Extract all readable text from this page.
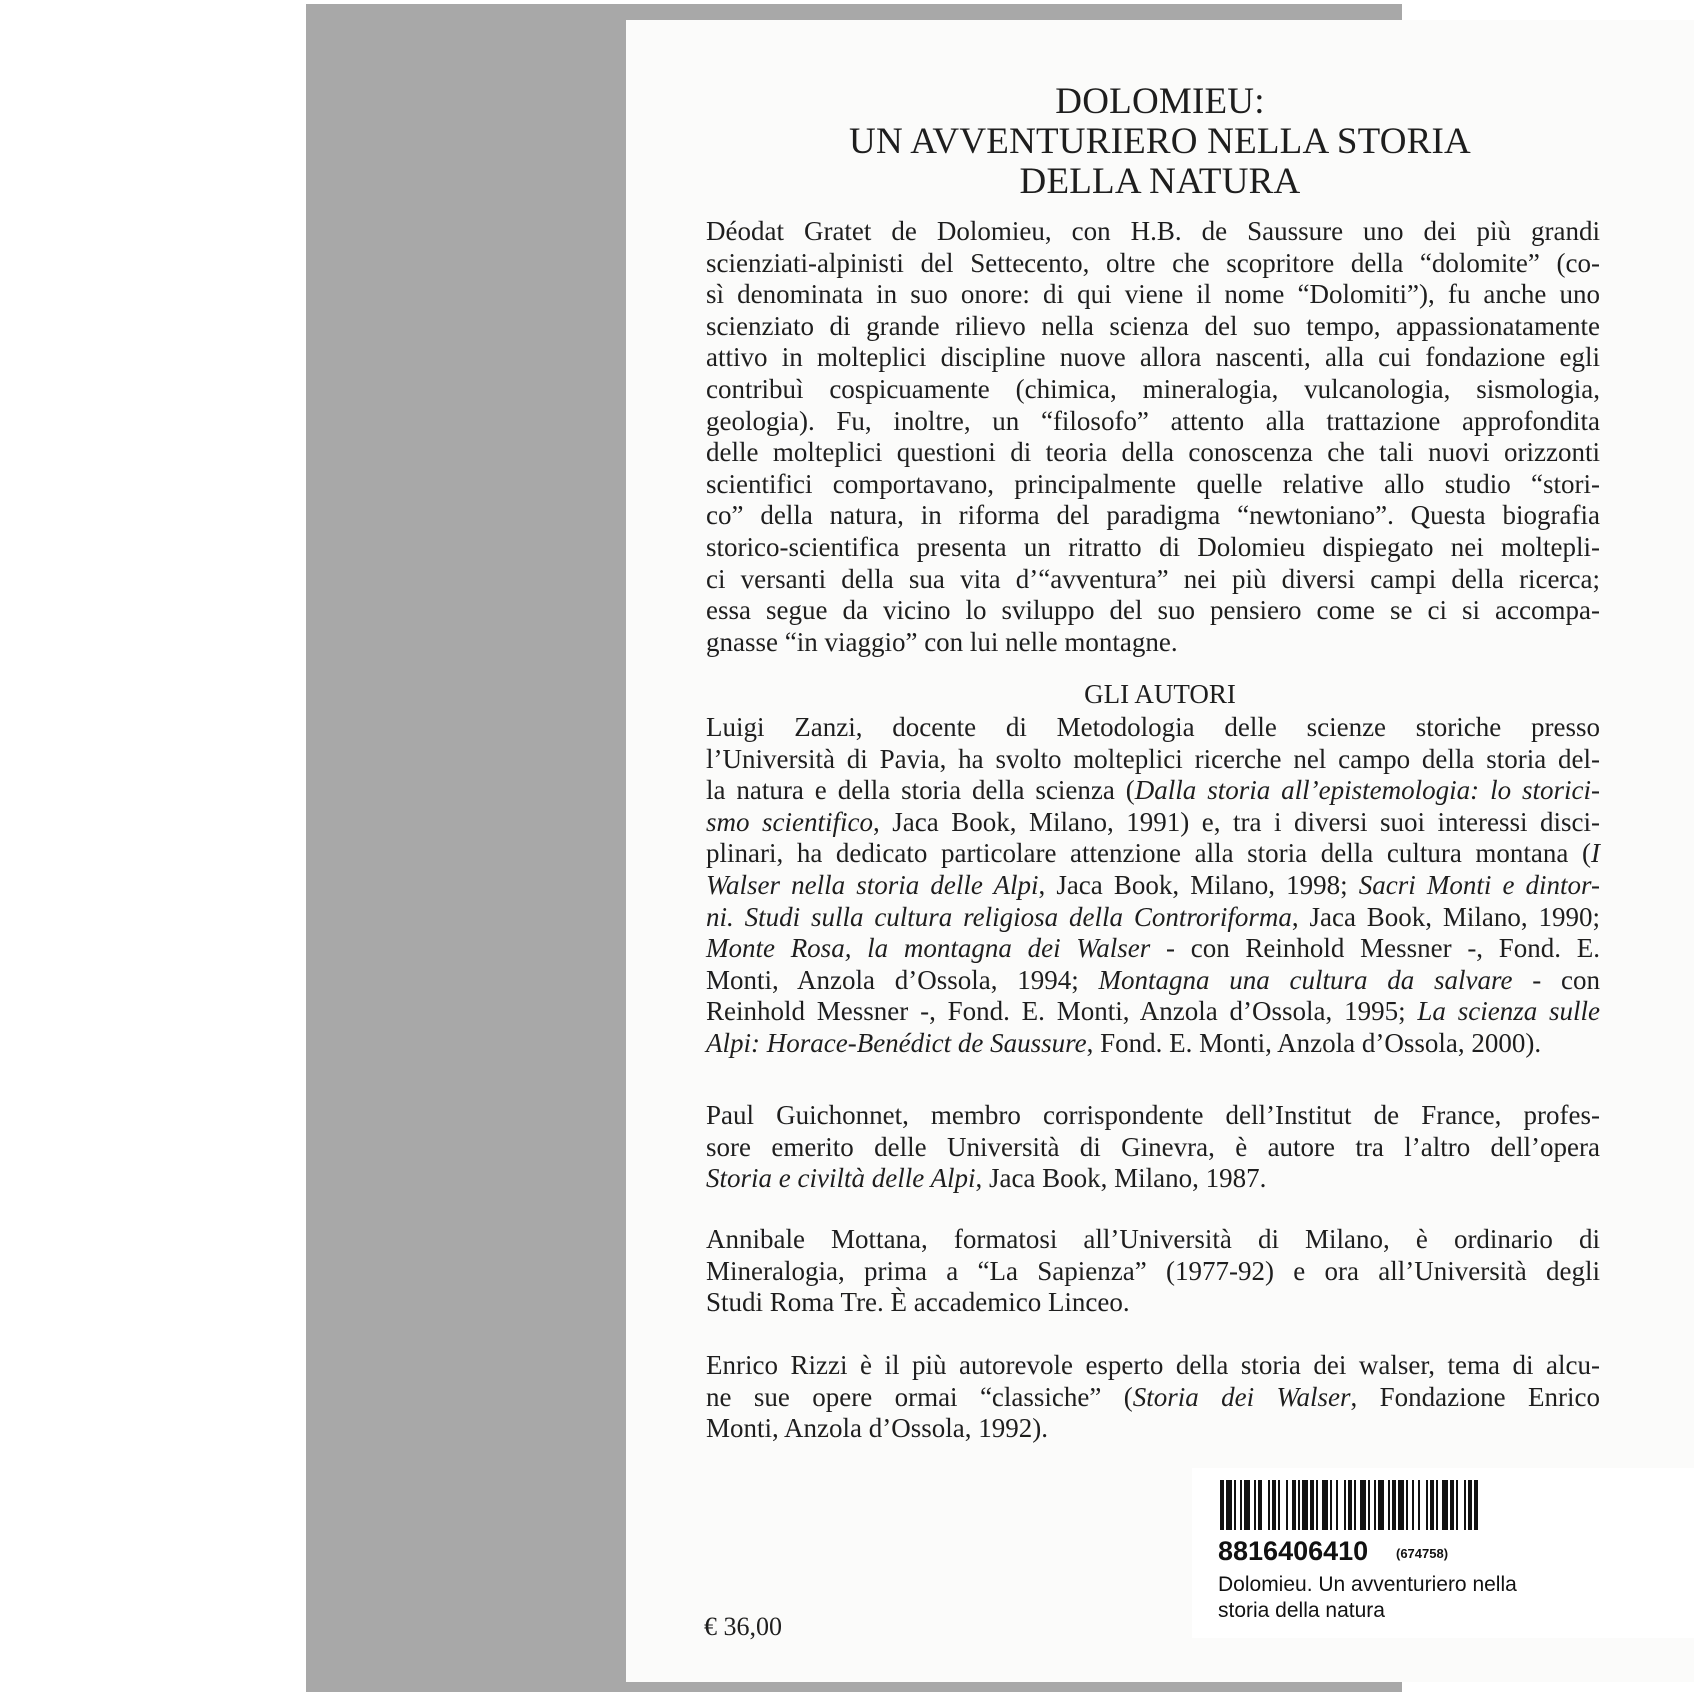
DOLOMIEU:
UN AVVENTURIERO NELLA STORIA
DELLA NATURA
Déodat Gratet de Dolomieu, con H.B. de Saussure uno dei più grandi
scienziati-alpinisti del Settecento, oltre che scopritore della “dolomite” (co-
sì denominata in suo onore: di qui viene il nome “Dolomiti”), fu anche uno
scienziato di grande rilievo nella scienza del suo tempo, appassionatamente
attivo in molteplici discipline nuove allora nascenti, alla cui fondazione egli
contribuì cospicuamente (chimica, mineralogia, vulcanologia, sismologia,
geologia). Fu, inoltre, un “filosofo” attento alla trattazione approfondita
delle molteplici questioni di teoria della conoscenza che tali nuovi orizzonti
scientifici comportavano, principalmente quelle relative allo studio “stori-
co” della natura, in riforma del paradigma “newtoniano”. Questa biografia
storico-scientifica presenta un ritratto di Dolomieu dispiegato nei moltepli-
ci versanti della sua vita d’“avventura” nei più diversi campi della ricerca;
essa segue da vicino lo sviluppo del suo pensiero come se ci si accompa-
gnasse “in viaggio” con lui nelle montagne.
GLI AUTORI
Luigi Zanzi, docente di Metodologia delle scienze storiche presso
l’Università di Pavia, ha svolto molteplici ricerche nel campo della storia del-
la natura e della storia della scienza (Dalla storia all’epistemologia: lo storici-
smo scientifico, Jaca Book, Milano, 1991) e, tra i diversi suoi interessi disci-
plinari, ha dedicato particolare attenzione alla storia della cultura montana (I
Walser nella storia delle Alpi, Jaca Book, Milano, 1998; Sacri Monti e dintor-
ni. Studi sulla cultura religiosa della Controriforma, Jaca Book, Milano, 1990;
Monte Rosa, la montagna dei Walser - con Reinhold Messner -, Fond. E.
Monti, Anzola d’Ossola, 1994; Montagna una cultura da salvare - con
Reinhold Messner -, Fond. E. Monti, Anzola d’Ossola, 1995; La scienza sulle
Alpi: Horace-Benédict de Saussure, Fond. E. Monti, Anzola d’Ossola, 2000).
Paul Guichonnet, membro corrispondente dell’Institut de France, profes-
sore emerito delle Università di Ginevra, è autore tra l’altro dell’opera
Storia e civiltà delle Alpi, Jaca Book, Milano, 1987.
Annibale Mottana, formatosi all’Università di Milano, è ordinario di
Mineralogia, prima a “La Sapienza” (1977-92) e ora all’Università degli
Studi Roma Tre. È accademico Linceo.
Enrico Rizzi è il più autorevole esperto della storia dei walser, tema di alcu-
ne sue opere ormai “classiche” (Storia dei Walser, Fondazione Enrico
Monti, Anzola d’Ossola, 1992).
8816406410 (674758)
Dolomieu. Un avventuriero nella
storia della natura
€ 36,00
